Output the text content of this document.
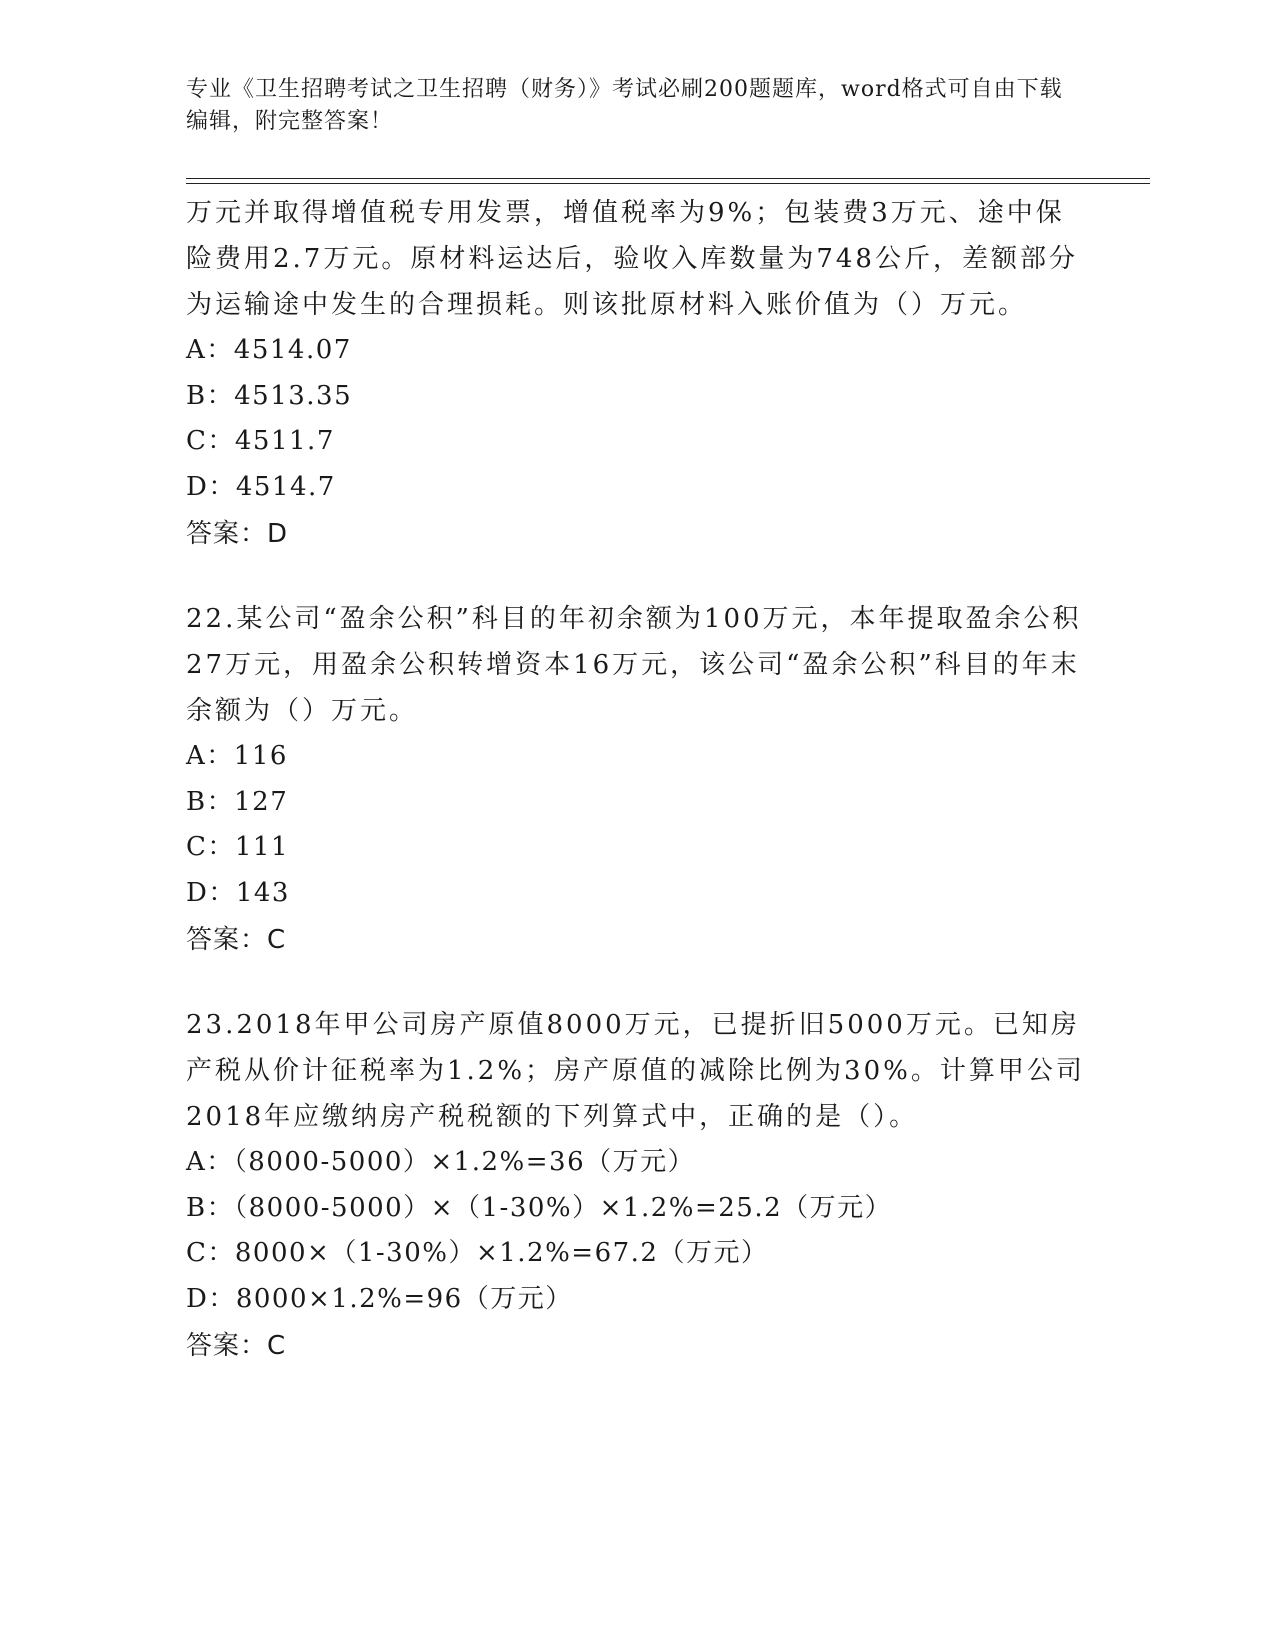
专业《卫生招聘考试之卫生招聘（财务）》考试必刷200题题库，word格式可自由下载编辑，附完整答案！

万元并取得增值税专用发票，增值税率为9%；包装费3万元、途中保险费用2.7万元。原材料运达后，验收入库数量为748公斤，差额部分为运输途中发生的合理损耗。则该批原材料入账价值为（）万元。

A：4514.07

B：4513.35

C：4511.7

D：4514.7

答案：D

22.某公司“盈余公积”科目的年初余额为100万元，本年提取盈余公积27万元，用盈余公积转增资本16万元，该公司“盈余公积”科目的年末余额为（）万元。

A：116

B：127

C：111

D：143

答案：C

23.2018年甲公司房产原值8000万元，已提折旧5000万元。已知房产税从价计征税率为1.2%；房产原值的减除比例为30%。计算甲公司2018年应缴纳房产税税额的下列算式中，正确的是（）。

A：（8000-5000）×1.2%=36（万元）

B：（8000-5000）×（1-30%）×1.2%=25.2（万元）

C：8000×（1-30%）×1.2%=67.2（万元）

D：8000×1.2%=96（万元）

答案：C
